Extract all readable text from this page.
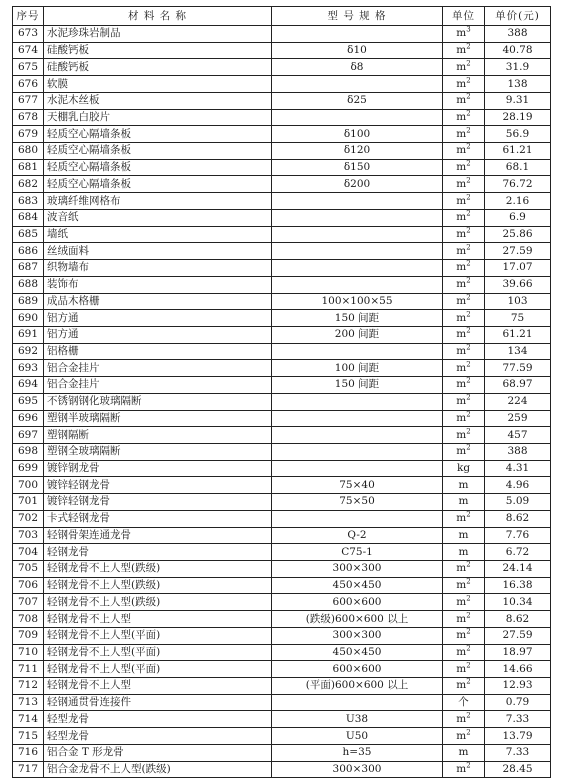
序号	材 料 名 称	型 号 规 格	单位	单价(元)
673	水泥珍珠岩制品		$m^3$	388
674	硅酸钙板	δ10	$m^2$	40.78
675	硅酸钙板	δ8	$m^2$	31.9
676	软膜		$m^2$	138
677	水泥木丝板	δ25	$m^2$	9.31
678	天棚乳白胶片		$m^2$	28.19
679	轻质空心隔墙条板	δ100	$m^2$	56.9
680	轻质空心隔墙条板	δ120	$m^2$	61.21
681	轻质空心隔墙条板	δ150	$m^2$	68.1
682	轻质空心隔墙条板	δ200	$m^2$	76.72
683	玻璃纤维网格布		$m^2$	2.16
684	波音纸		$m^2$	6.9
685	墙纸		$m^2$	25.86
686	丝绒面料		$m^2$	27.59
687	织物墙布		$m^2$	17.07
688	装饰布		$m^2$	39.66
689	成品木格栅	100×100×55	$m^2$	103
690	铝方通	150 间距	$m^2$	75
691	铝方通	200 间距	$m^2$	61.21
692	铝格栅		$m^2$	134
693	铝合金挂片	100 间距	$m^2$	77.59
694	铝合金挂片	150 间距	$m^2$	68.97
695	不锈钢钢化玻璃隔断		$m^2$	224
696	塑钢半玻璃隔断		$m^2$	259
697	塑钢隔断		$m^2$	457
698	塑钢全玻璃隔断		$m^2$	388
699	镀锌钢龙骨		kg	4.31
700	镀锌轻钢龙骨	75×40	m	4.96
701	镀锌轻钢龙骨	75×50	m	5.09
702	卡式轻钢龙骨		$m^2$	8.62
703	轻钢骨架连通龙骨	Q-2	m	7.76
704	轻钢龙骨	C75-1	m	6.72
705	轻钢龙骨不上人型(跌级)	300×300	$m^2$	24.14
706	轻钢龙骨不上人型(跌级)	450×450	$m^2$	16.38
707	轻钢龙骨不上人型(跌级)	600×600	$m^2$	10.34
708	轻钢龙骨不上人型	(跌级)600×600 以上	$m^2$	8.62
709	轻钢龙骨不上人型(平面)	300×300	$m^2$	27.59
710	轻钢龙骨不上人型(平面)	450×450	$m^2$	18.97
711	轻钢龙骨不上人型(平面)	600×600	$m^2$	14.66
712	轻钢龙骨不上人型	(平面)600×600 以上	$m^2$	12.93
713	轻钢通贯骨连接件		个	0.79
714	轻型龙骨	U38	$m^2$	7.33
715	轻型龙骨	U50	$m^2$	13.79
716	铝合金 T 形龙骨	h=35	m	7.33
717	铝合金龙骨不上人型(跌级)	300×300	$m^2$	28.45
